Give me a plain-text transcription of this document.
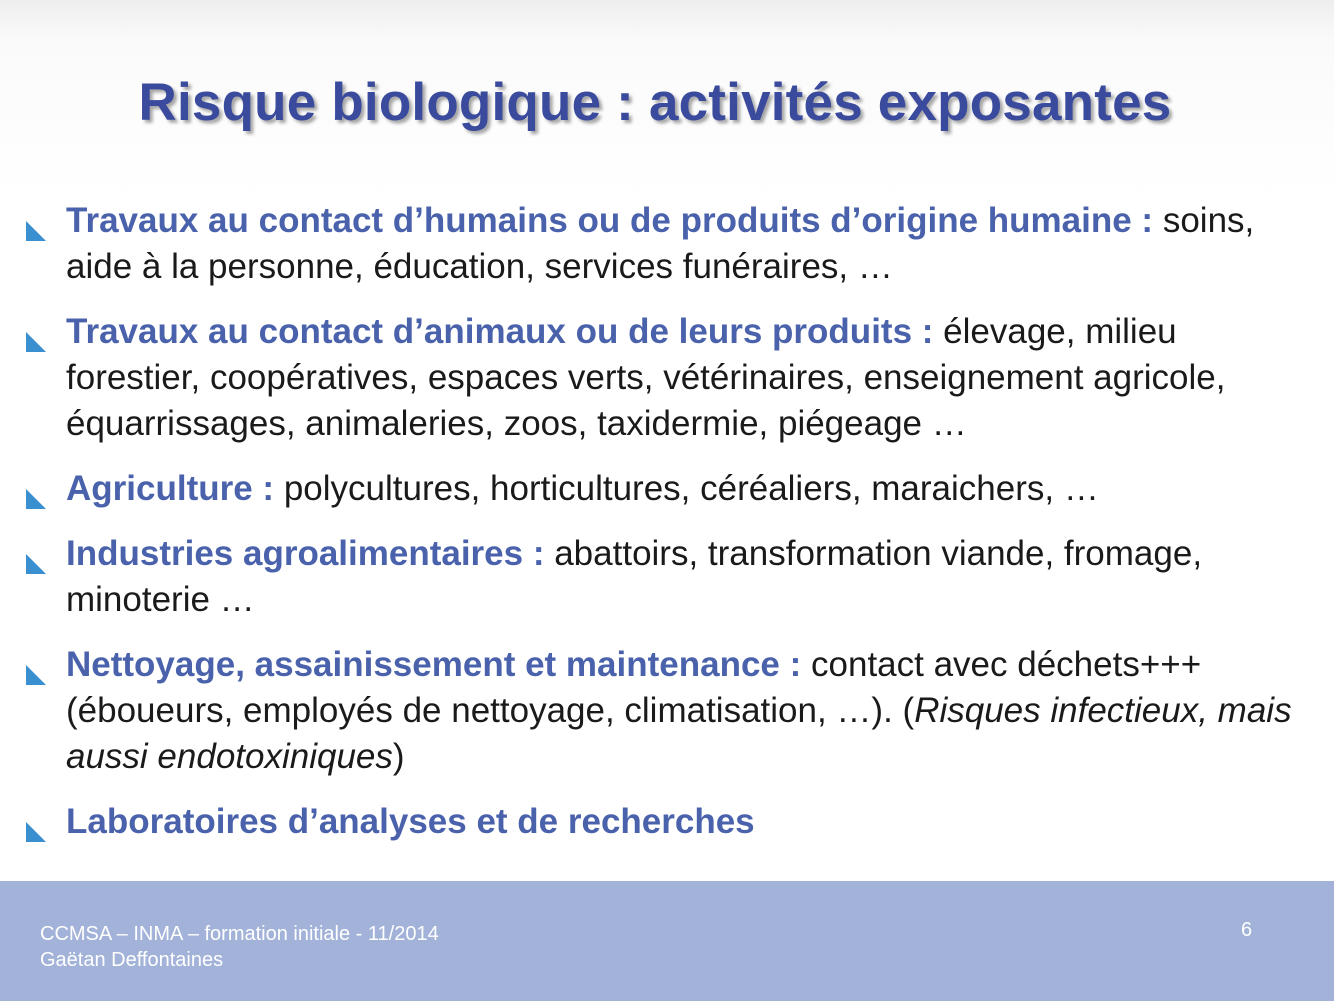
Risque biologique : activités exposantes
Travaux au contact d’humains ou de produits d’origine humaine : soins, aide à la personne, éducation, services funéraires, …
Travaux au contact d’animaux ou de leurs produits : élevage, milieu forestier, coopératives, espaces verts, vétérinaires, enseignement agricole, équarrissages, animaleries, zoos, taxidermie, piégeage …
Agriculture : polycultures, horticultures, céréaliers, maraichers, …
Industries agroalimentaires : abattoirs, transformation viande, fromage, minoterie …
Nettoyage, assainissement et maintenance : contact avec déchets+++ (éboueurs, employés de nettoyage, climatisation, …). (Risques infectieux, mais aussi endotoxiniques)
Laboratoires d’analyses et de recherches
CCMSA – INMA – formation initiale - 11/2014
Gaëtan Deffontaines
6
